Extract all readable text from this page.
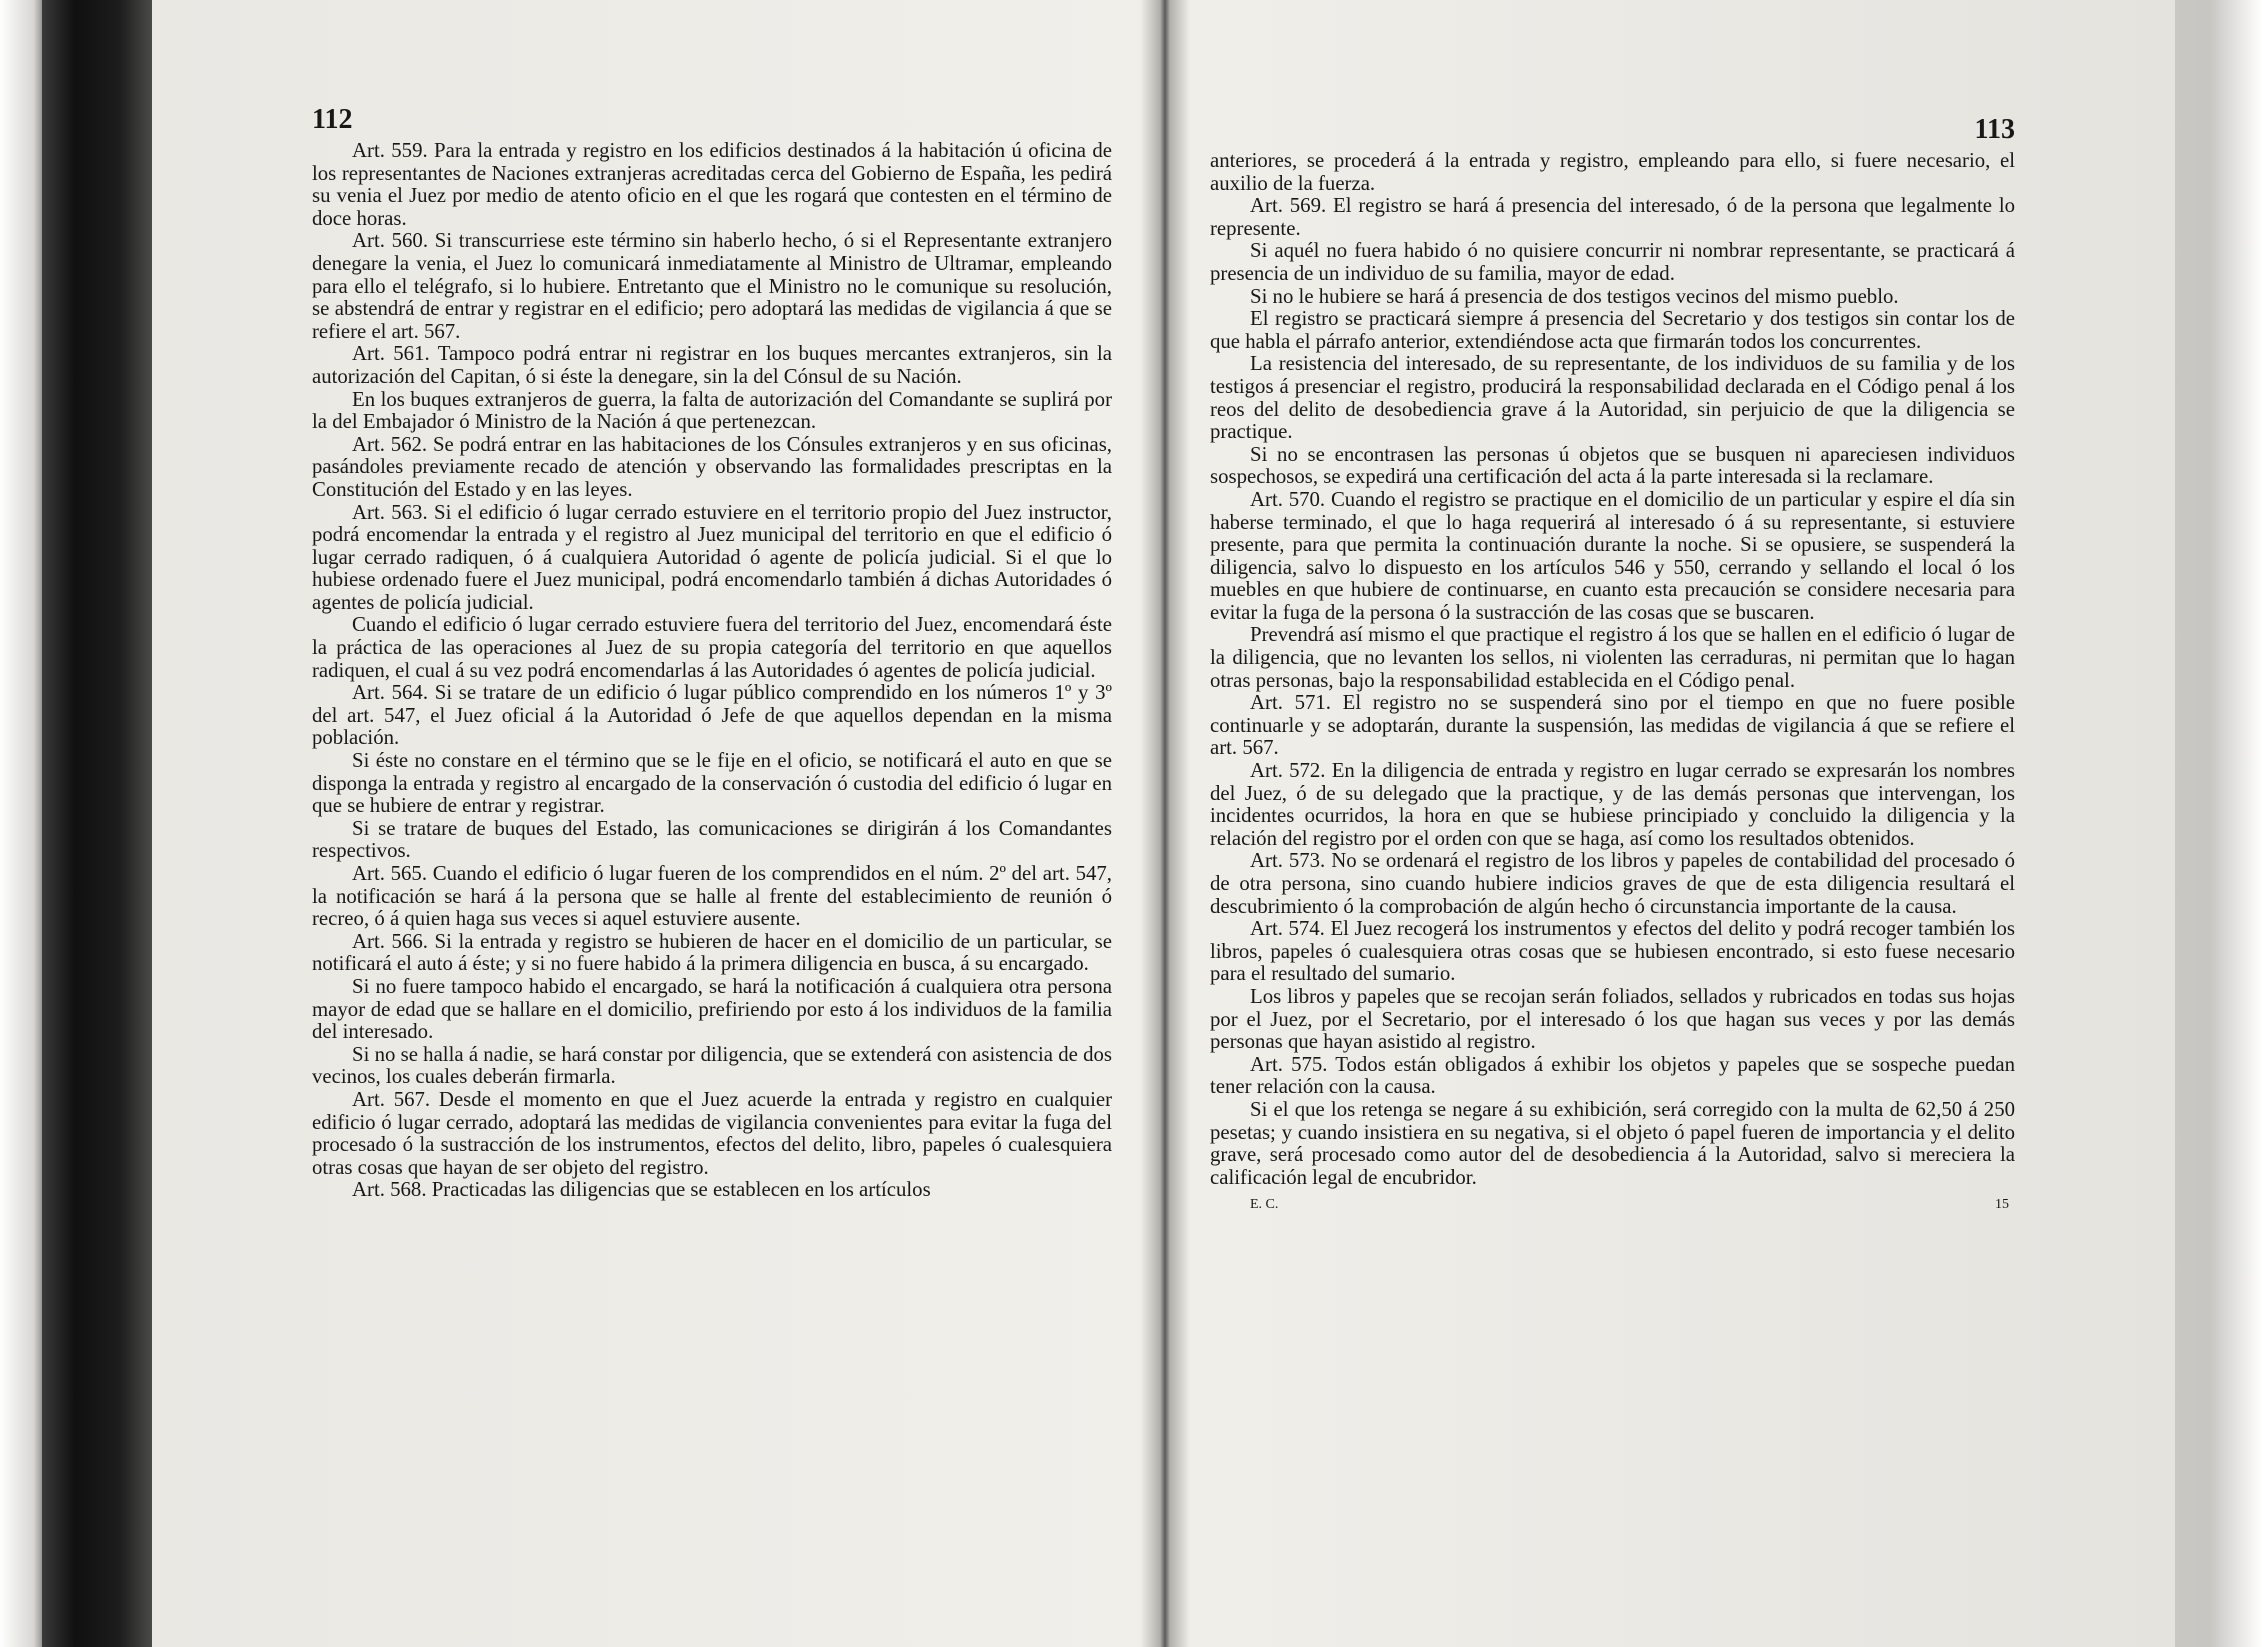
112

Art. 559. Para la entrada y registro en los edificios destinados á la habitación ú oficina de los representantes de Naciones extranjeras acreditadas cerca del Gobierno de España, les pedirá su venia el Juez por medio de atento oficio en el que les rogará que contesten en el término de doce horas.

Art. 560. Si transcurriese este término sin haberlo hecho, ó si el Representante extranjero denegare la venia, el Juez lo comunicará inmediatamente al Ministro de Ultramar, empleando para ello el telégrafo, si lo hubiere. Entretanto que el Ministro no le comunique su resolución, se abstendrá de entrar y registrar en el edificio; pero adoptará las medidas de vigilancia á que se refiere el art. 567.

Art. 561. Tampoco podrá entrar ni registrar en los buques mercantes extranjeros, sin la autorización del Capitan, ó si éste la denegare, sin la del Cónsul de su Nación.

En los buques extranjeros de guerra, la falta de autorización del Comandante se suplirá por la del Embajador ó Ministro de la Nación á que pertenezcan.

Art. 562. Se podrá entrar en las habitaciones de los Cónsules extranjeros y en sus oficinas, pasándoles previamente recado de atención y observando las formalidades prescriptas en la Constitución del Estado y en las leyes.

Art. 563. Si el edificio ó lugar cerrado estuviere en el territorio propio del Juez instructor, podrá encomendar la entrada y el registro al Juez municipal del territorio en que el edificio ó lugar cerrado radiquen, ó á cualquiera Autoridad ó agente de policía judicial. Si el que lo hubiese ordenado fuere el Juez municipal, podrá encomendarlo también á dichas Autoridades ó agentes de policía judicial.

Cuando el edificio ó lugar cerrado estuviere fuera del territorio del Juez, encomendará éste la práctica de las operaciones al Juez de su propia categoría del territorio en que aquellos radiquen, el cual á su vez podrá encomendarlas á las Autoridades ó agentes de policía judicial.

Art. 564. Si se tratare de un edificio ó lugar público comprendido en los números 1º y 3º del art. 547, el Juez oficial á la Autoridad ó Jefe de que aquellos dependan en la misma población.

Si éste no constare en el término que se le fije en el oficio, se notificará el auto en que se disponga la entrada y registro al encargado de la conservación ó custodia del edificio ó lugar en que se hubiere de entrar y registrar.

Si se tratare de buques del Estado, las comunicaciones se dirigirán á los Comandantes respectivos.

Art. 565. Cuando el edificio ó lugar fueren de los comprendidos en el núm. 2º del art. 547, la notificación se hará á la persona que se halle al frente del establecimiento de reunión ó recreo, ó á quien haga sus veces si aquel estuviere ausente.

Art. 566. Si la entrada y registro se hubieren de hacer en el domicilio de un particular, se notificará el auto á éste; y si no fuere habido á la primera diligencia en busca, á su encargado.

Si no fuere tampoco habido el encargado, se hará la notificación á cualquiera otra persona mayor de edad que se hallare en el domicilio, prefiriendo por esto á los individuos de la familia del interesado.

Si no se halla á nadie, se hará constar por diligencia, que se extenderá con asistencia de dos vecinos, los cuales deberán firmarla.

Art. 567. Desde el momento en que el Juez acuerde la entrada y registro en cualquier edificio ó lugar cerrado, adoptará las medidas de vigilancia convenientes para evitar la fuga del procesado ó la sustracción de los instrumentos, efectos del delito, libro, papeles ó cualesquiera otras cosas que hayan de ser objeto del registro.

Art. 568. Practicadas las diligencias que se establecen en los artículos

113

anteriores, se procederá á la entrada y registro, empleando para ello, si fuere necesario, el auxilio de la fuerza.

Art. 569. El registro se hará á presencia del interesado, ó de la persona que legalmente lo represente.

Si aquél no fuera habido ó no quisiere concurrir ni nombrar representante, se practicará á presencia de un individuo de su familia, mayor de edad.

Si no le hubiere se hará á presencia de dos testigos vecinos del mismo pueblo.

El registro se practicará siempre á presencia del Secretario y dos testigos sin contar los de que habla el párrafo anterior, extendiéndose acta que firmarán todos los concurrentes.

La resistencia del interesado, de su representante, de los individuos de su familia y de los testigos á presenciar el registro, producirá la responsabilidad declarada en el Código penal á los reos del delito de desobediencia grave á la Autoridad, sin perjuicio de que la diligencia se practique.

Si no se encontrasen las personas ú objetos que se busquen ni apareciesen individuos sospechosos, se expedirá una certificación del acta á la parte interesada si la reclamare.

Art. 570. Cuando el registro se practique en el domicilio de un particular y espire el día sin haberse terminado, el que lo haga requerirá al interesado ó á su representante, si estuviere presente, para que permita la continuación durante la noche. Si se opusiere, se suspenderá la diligencia, salvo lo dispuesto en los artículos 546 y 550, cerrando y sellando el local ó los muebles en que hubiere de continuarse, en cuanto esta precaución se considere necesaria para evitar la fuga de la persona ó la sustracción de las cosas que se buscaren.

Prevendrá así mismo el que practique el registro á los que se hallen en el edificio ó lugar de la diligencia, que no levanten los sellos, ni violenten las cerraduras, ni permitan que lo hagan otras personas, bajo la responsabilidad establecida en el Código penal.

Art. 571. El registro no se suspenderá sino por el tiempo en que no fuere posible continuarle y se adoptarán, durante la suspensión, las medidas de vigilancia á que se refiere el art. 567.

Art. 572. En la diligencia de entrada y registro en lugar cerrado se expresarán los nombres del Juez, ó de su delegado que la practique, y de las demás personas que intervengan, los incidentes ocurridos, la hora en que se hubiese principiado y concluido la diligencia y la relación del registro por el orden con que se haga, así como los resultados obtenidos.

Art. 573. No se ordenará el registro de los libros y papeles de contabilidad del procesado ó de otra persona, sino cuando hubiere indicios graves de que de esta diligencia resultará el descubrimiento ó la comprobación de algún hecho ó circunstancia importante de la causa.

Art. 574. El Juez recogerá los instrumentos y efectos del delito y podrá recoger también los libros, papeles ó cualesquiera otras cosas que se hubiesen encontrado, si esto fuese necesario para el resultado del sumario.

Los libros y papeles que se recojan serán foliados, sellados y rubricados en todas sus hojas por el Juez, por el Secretario, por el interesado ó los que hagan sus veces y por las demás personas que hayan asistido al registro.

Art. 575. Todos están obligados á exhibir los objetos y papeles que se sospeche puedan tener relación con la causa.

Si el que los retenga se negare á su exhibición, será corregido con la multa de 62,50 á 250 pesetas; y cuando insistiera en su negativa, si el objeto ó papel fueren de importancia y el delito grave, será procesado como autor del de desobediencia á la Autoridad, salvo si mereciera la calificación legal de encubridor.

E. C.	15
